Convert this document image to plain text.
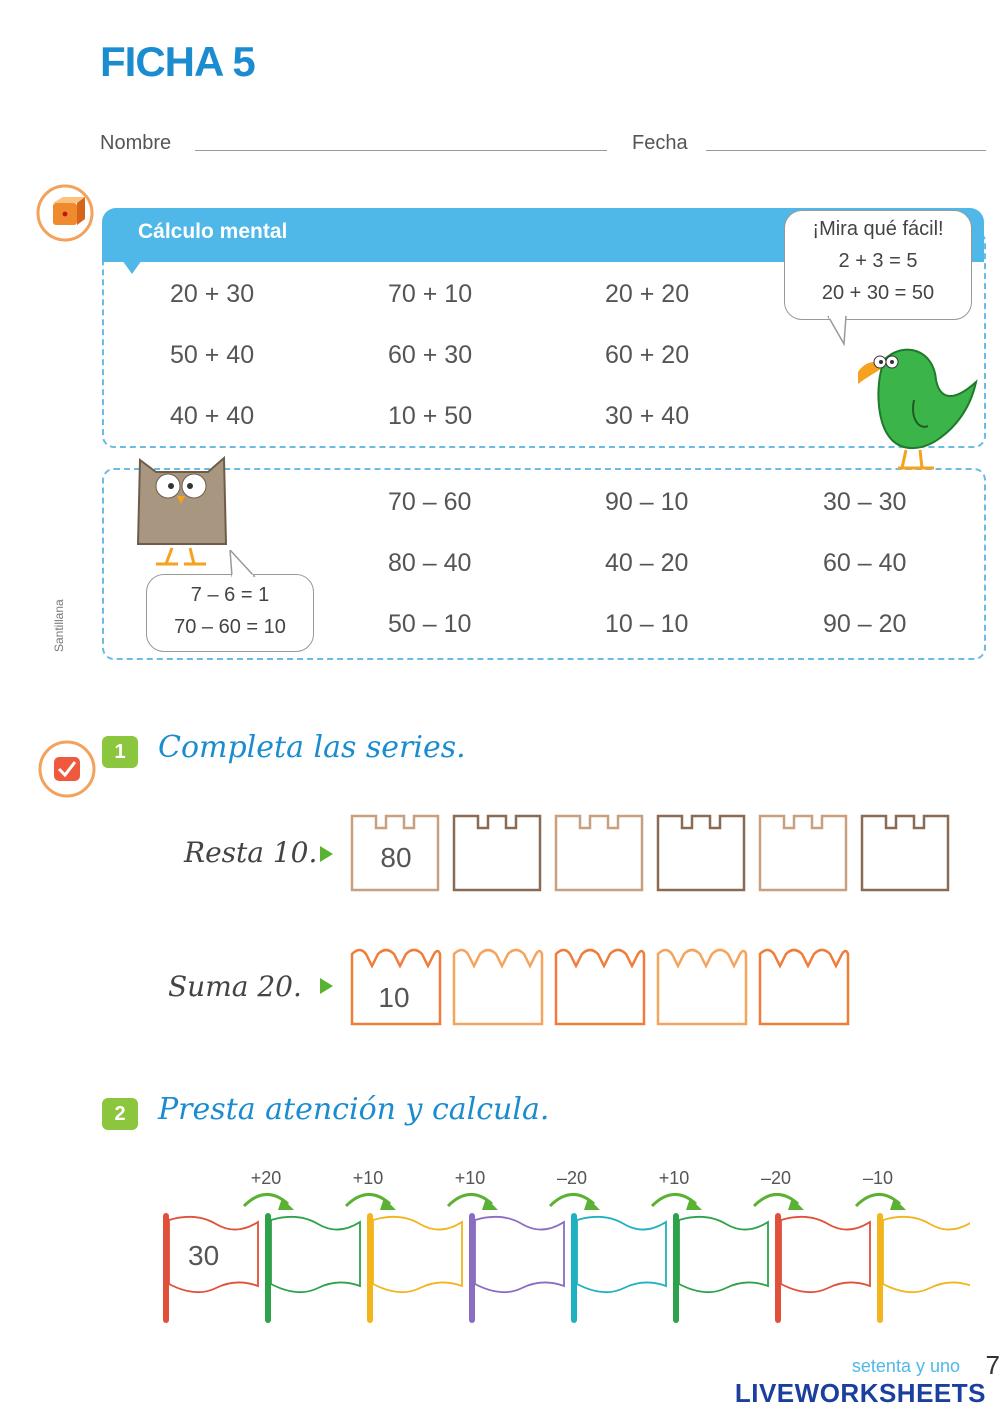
FICHA 5
Nombre	Fecha
Santillana
Cálculo mental
20 + 30	70 + 10	20 + 20
50 + 40	60 + 30	60 + 20
40 + 40	10 + 50	30 + 40
70 – 60	90 – 10	30 – 30
80 – 40	40 – 20	60 – 40
50 – 10	10 – 10	90 – 20
¡Mira qué fácil!
2 + 3 = 5
20 + 30 = 50
7 – 6 = 1
70 – 60 = 10
1	Completa las series.
Resta 10.
Suma 20.
80
10
2	Presta atención y calcula.
+20	+10	+10	–20	+10	–20	–10
30
setenta y uno 7
LIVEWORKSHEETS
